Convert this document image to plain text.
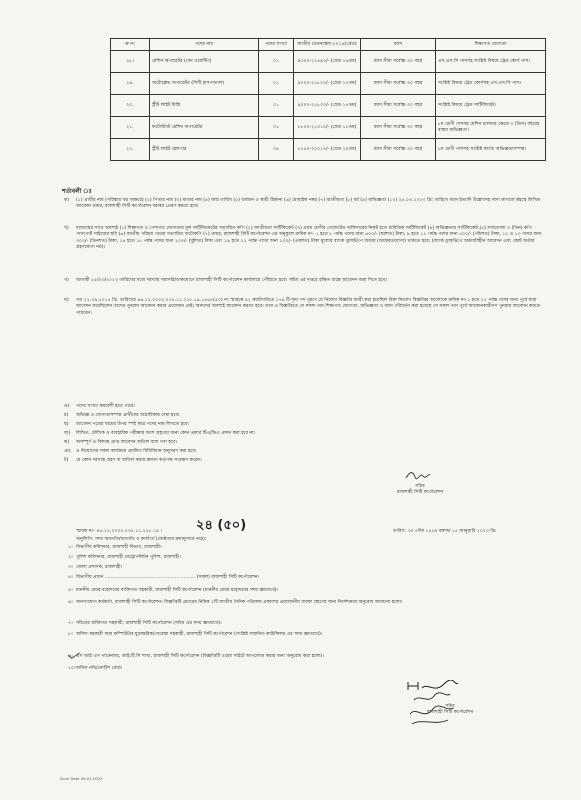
ক্র নং	পদের নাম	পদের সংখ্যা	জাতীয় বেতনস্কেল-২০১৫(গ্রেড)	বয়স	শিক্ষাগত যোগ্যতা
১৮।	মেশিন অপারেটর (দেন ওয়েস্টিং)	০১	৯৩০০-২২৪৯০/- (গ্রেড ১৬তম)	বয়স সীমা সর্বোচ্চ ৩০ বছর	এস.এস.সি পাসসহ সংশ্লিষ্ট বিষয়ে ট্রেড কোর্স পাস।
১৯.	অটোক্লেভ অপারেটর (সিটি হাসপাতাল)	০১	৯০০০-২১৮০০/- (গ্রেড ১৭তম)	বয়স সীমা সর্বোচ্চ ৩০ বছর	সংশ্লিষ্ট বিষয়ে ট্রেড কোর্সসহ এস.এস.সি পাস।
২০.	স্ট্রীট লাইট মিস্ত্রি	০১	৯০০০-২১৮০০/- (গ্রেড ১৭তম)	বয়স সীমা সর্বোচ্চ ৩০ বছর	সংশ্লিষ্ট বিষয়ে ট্রেড সার্টিফিকেট।
২১.	ফটোস্ট্যাট মেশিন অপারেটর	০১	৮৮০০-২১৩১০/- (গ্রেড ১৮তম)	বয়স সীমা সর্বোচ্চ ৩০ বছর	৮ম শ্রেণী পাসসহ মেশিন চালনার ক্ষেত্রে ৩ (তিন) বছরের বাস্তব অভিজ্ঞতা।
২২.	স্ট্রীট লাইট হেলপার	০৪	৮২৫০-২০০১০/- (গ্রেড ২০তম)	বয়স সীমা সর্বোচ্চ ৩০ বছর	৮ম শ্রেণী পাসসহ সংশ্লিষ্ট কাজে অভিজ্ঞতাসম্পন্ন।
শর্তাবলী ঃ
ক) (১) প্রার্থীর নাম (পরিস্কার বড় অক্ষরে) (২) পিতার নাম (৩) মাতার নাম (৪) জন্ম তারিখ (৫) বর্তমান ও স্থায়ী ঠিকানা (৬) মোবাইল নম্বর (৭) জাতীয়তা (৮) ধর্ম (৯) অভিজ্ঞতা (১০) ২৫.০৩.২০২৩ খ্রি: তারিখে বয়স ইত্যাদি উল্লেখসহ সাদা কাগজে স্বহস্তে লিখিত আবেদন মেয়র, রাজশাহী সিটি কর্পোরেশন বরাবর প্রেরণ করতে হবে।
খ) দরখাস্তের সাথে অবশ্যই (১) শিক্ষাগত ও পেশাগত যোগ্যতার মূল সার্টিফিকেটের সত্যায়িত কপি (২) জাতীয়তা সার্টিফিকেট (৩) প্রথম শ্রেণীর গেজেটেড অফিসারের নিকট হতে চারিত্রিক সার্টিফিকেট (৪) অভিজ্ঞতার সার্টিফিকেট (৫) সদ্যতোলা ৩ (তিন) কপি পাসপোর্ট সাইজের ছবি (৬) জাতীয় পরিচয় পত্রের সত্যায়িত ফটোকপি (৭) মেয়র, রাজশাহী সিটি কর্পোরেশন এর অনুকূলে ক্রমিক নং- ১ হতে ৮ পর্যন্ত পদের জন্য ৬০০/- (ছয়শত) টাকা, ৯ হতে ১১ পর্যন্ত পদের জন্য ৫০০/- (পাঁচশত) টাকা, ১২ ও ১৩ পদের জন্য ৩০০/- (তিনশত) টাকা, ১৪ হতে ১৮ পর্যন্ত পদের জন্য ২০০/- (দুইশত) টাকা এবং ১৯ হতে ২২ পর্যন্ত পদের জন্য ১০০/- (একশত) টাকা মূল্যের ব্যাংক ড্রাফট/পে অর্ডার (অফেরতযোগ্য) থাকতে হবে। (ব্যাংক ড্রাফট/পে অর্ডারবিহীন আবেদন এবং কোর্ট অর্ডার গ্রহণযোগ্য নয়)।
গ) আগামী ২৫/০৩/২০২৩ তারিখের মধ্যে দরখাস্ত সরাসরি/ডাকযোগে রাজশাহী সিটি কর্পোরেশন কার্যালয়ে পৌঁছাতে হবে। সচিব এর দপ্তরে রক্ষিত বাক্সে আবেদন জমা দিতে হবে।
ঘ) গত ২২.০৯.২০১৫ খ্রি. তারিখের ৪৬.১২.০০০০.০৩৫.১১.২২৮.১৯.১৫৫৫(৫০) নং স্মারকে ৪২ ক্যাটাগরিতে ১৭৯ টি শূন্য পদ পূরণে যে নিয়োগ বিজ্ঞপ্তি জারী করা হয়েছিল উক্ত নিয়োগ বিজ্ঞপ্তির আলোকে ক্রমিক নং-১ হতে ২২ পর্যন্ত পদের জন্য পূর্বে যারা আবেদন করেছিলেন তাদের পুনরায় আবেদন করার প্রয়োজন নেই। অন্যদের অবশ্যই আবেদন করতে হবে। তবে এ বিজ্ঞপ্তিতে যে সকল পদে শিক্ষাগত যোগ্যতা, অভিজ্ঞতা ও বয়স পরিবর্তন করা হয়েছে সে সকল পদে পূর্বে আবেদনকারীগণ পুনরায় আবেদন করতে পারবেন।
ঙ) পদের সংখ্যা কমবেশী হতে পারে।
চ) অভিজ্ঞ ও যোগ্যতাসম্পন্ন প্রার্থীদের অগ্রাধিকার দেয়া হবে।
ছ) আবেদন পত্রের খামের উপর স্পষ্ট করে পদের নাম লিখতে হবে।
জ) লিখিত, মৌখিক ও ব্যবহারিক পরীক্ষায় অংশ গ্রহণের জন্য কোন প্রকার টিএ/ডিএ প্রদান করা হবে না।
ঝ) অসম্পূর্ণ ও বিলম্বে প্রাপ্ত আবেদন বাতিল বলে গণ্য হবে।
ঞ) এ নিয়োগের সকল কার্যক্রমে প্রচলিত বিধিবিধান অনুসরণ করা হবে।
ট) যে কোন দরখাস্ত গ্রহণ বা বাতিল করার ক্ষমতা কর্তৃপক্ষ সংরক্ষণ করেন।
সচিব
রাজশাহী সিটি কর্পোরেশন
স্মারক নং- ৪৬.১২.০০০০.০৩৫.১১.২২৮.১৯ ।	২৪ (৫০)	তারিখ: ৩০ পৌষ ১৪২৯ বঙ্গাব্দ/ ১৫ জানুয়ারি ২০২৩ খ্রি:
অনুলিপি: সদয় অবগতি/অবগতি ও কার্যার্থে (জেষ্ঠতার ক্রমানুসারে নহে):
১। বিভাগীয় কমিশনার, রাজশাহী বিভাগ, রাজশাহী।
২। পুলিশ কমিশনার, রাজশাহী মেট্রোপলিটন পুলিশ, রাজশাহী।
৩। জেলা প্রশাসক, রাজশাহী।
৪। বিভাগীয় প্রধান .............................................................. (সকল) রাজশাহী সিটি কর্পোরেশন।
৫। মাননীয় মেয়র মহোদয়ের ব্যক্তিগত সহকারী, রাজশাহী সিটি কর্পোরেশন (মাননীয় মেয়র মহোদয়ের সদয় জ্ঞাতার্থে)।
৬। জনসংযোগ কর্মকর্তা, রাজশাহী সিটি কর্পোরেশন। বিজ্ঞপ্তিটি প্রচারের নিমিত্ত ২টি জাতীয় দৈনিক পত্রিকায় প্রকাশের প্রয়োজনীয় ব্যবস্থা গ্রহণের জন্য নির্দেশক্রমে অনুরোধ জানানো হলো।
৭। সচিবের ব্যক্তিগত সহকারী, রাজশাহী সিটি কর্পোরেশন (সচিব এর সদয় জ্ঞাতার্থে)।
৮। অফিস সহকারী আম কম্পিউটার মুদ্রাক্ষরিক/সেরেস্তা সহকারী, রাজশাহী সিটি কর্পোরেশন (সংশ্লিষ্ট সম্মানিত কাউন্সিলর এর সদয় জ্ঞাতার্থে)।
৯। এস আই এস প্যানেলার, আই.টি.সি শাখা, রাজশাহী সিটি কর্পোরেশন (বিজ্ঞপ্তিটি ওয়েব সাইটে আপলোড করার জন্য অনুরোধ করা হলো)।
১০। অফিস নথি/নোটিশ বোর্ড।
সচিব
রাজশাহী সিটি কর্পোরেশন
Scan Date 09.01.2023
